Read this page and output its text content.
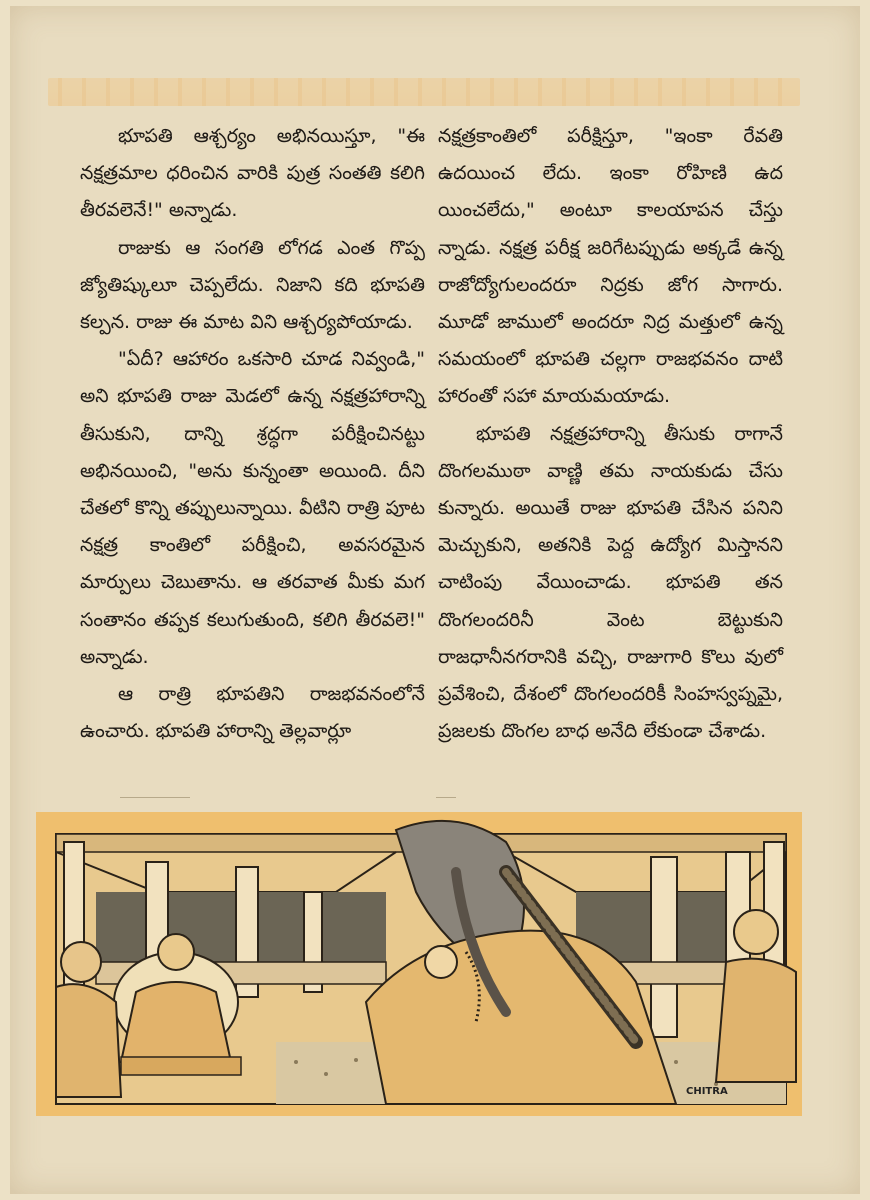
భూపతి ఆశ్చర్యం అభినయిస్తూ, "ఈ నక్షత్రమాల ధరించిన వారికి పుత్ర సంతతి కలిగి తీరవలెనే!" అన్నాడు.

రాజుకు ఆ సంగతి లోగడ ఎంత గొప్ప జ్యోతిష్కులూ చెప్పలేదు. నిజాని కది భూపతి కల్పన. రాజు ఈ మాట విని ఆశ్చర్యపోయాడు.

"ఏదీ? ఆహారం ఒకసారి చూడ నివ్వండి," అని భూపతి రాజు మెడలో ఉన్న నక్షత్రహారాన్ని తీసుకుని, దాన్ని శ్రద్ధగా పరీక్షించినట్టు అభినయించి, "అను కున్నంతా అయింది. దీని చేతలో కొన్ని తప్పులున్నాయి. వీటిని రాత్రి పూట నక్షత్ర కాంతిలో పరీక్షించి, అవసరమైన మార్పులు చెబుతాను. ఆ తరవాత మీకు మగ సంతానం తప్పక కలుగుతుంది, కలిగి తీరవలె!" అన్నాడు.

ఆ రాత్రి భూపతిని రాజభవనంలోనే ఉంచారు. భూపతి హారాన్ని తెల్లవార్లూ

నక్షత్రకాంతిలో పరీక్షిస్తూ, "ఇంకా రేవతి ఉదయించ లేదు. ఇంకా రోహిణి ఉద యించలేదు," అంటూ కాలయాపన చేస్తు న్నాడు. నక్షత్ర పరీక్ష జరిగేటప్పుడు అక్కడే ఉన్న రాజోద్యోగులందరూ నిద్రకు జోగ సాగారు. మూడో జాములో అందరూ నిద్ర మత్తులో ఉన్న సమయంలో భూపతి చల్లగా రాజభవనం దాటి హారంతో సహా మాయమయాడు.

భూపతి నక్షత్రహారాన్ని తీసుకు రాగానే దొంగలముఠా వాణ్ణి తమ నాయకుడు చేసు కున్నారు. అయితే రాజు భూపతి చేసిన పనిని మెచ్చుకుని, అతనికి పెద్ద ఉద్యోగ మిస్తానని చాటింపు వేయించాడు. భూపతి తన దొంగలందరినీ వెంట బెట్టుకుని రాజధానీనగరానికి వచ్చి, రాజుగారి కొలు వులో ప్రవేశించి, దేశంలో దొంగలందరికీ సింహస్వప్నమై, ప్రజలకు దొంగల బాధ అనేది లేకుండా చేశాడు.

CHITRA
